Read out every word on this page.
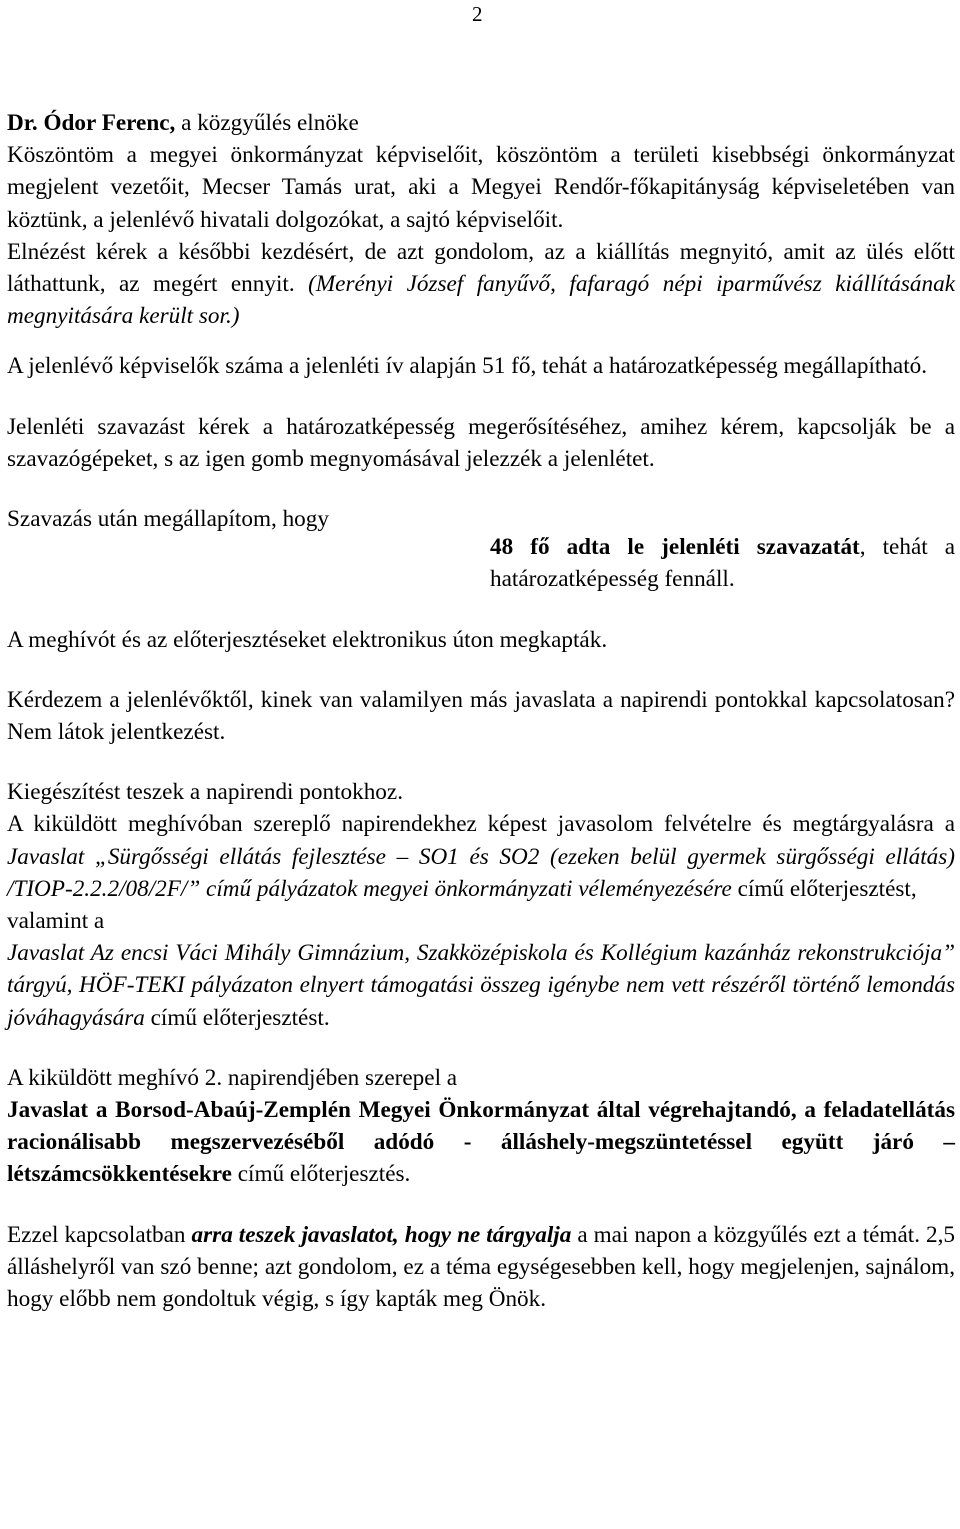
2

Dr. Ódor Ferenc, a közgyűlés elnöke

Köszöntöm a megyei önkormányzat képviselőit, köszöntöm a területi kisebbségi önkormányzat megjelent vezetőit, Mecser Tamás urat, aki a Megyei Rendőr-főkapitányság képviseletében van köztünk, a jelenlévő hivatali dolgozókat, a sajtó képviselőit.

Elnézést kérek a későbbi kezdésért, de azt gondolom, az a kiállítás megnyitó, amit az ülés előtt láthattunk, az megért ennyit. (Merényi József fanyűvő, fafaragó népi iparművész kiállításának megnyitására került sor.)

A jelenlévő képviselők száma a jelenléti ív alapján 51 fő, tehát a határozatképesség megállapítható.

Jelenléti szavazást kérek a határozatképesség megerősítéséhez, amihez kérem, kapcsolják be a szavazógépeket, s az igen gomb megnyomásával jelezzék a jelenlétet.

Szavazás után megállapítom, hogy

48 fő adta le jelenléti szavazatát, tehát a határozatképesség fennáll.

A meghívót és az előterjesztéseket elektronikus úton megkapták.

Kérdezem a jelenlévőktől, kinek van valamilyen más javaslata a napirendi pontokkal kapcsolatosan? Nem látok jelentkezést.

Kiegészítést teszek a napirendi pontokhoz.

A kiküldött meghívóban szereplő napirendekhez képest javasolom felvételre és megtárgyalásra a Javaslat „Sürgősségi ellátás fejlesztése – SO1 és SO2 (ezeken belül gyermek sürgősségi ellátás) /TIOP-2.2.2/08/2F/” című pályázatok megyei önkormányzati véleményezésére című előterjesztést,

valamint a

Javaslat Az encsi Váci Mihály Gimnázium, Szakközépiskola és Kollégium kazánház rekonstrukciója” tárgyú, HÖF-TEKI pályázaton elnyert támogatási összeg igénybe nem vett részéről történő lemondás jóváhagyására című előterjesztést.

A kiküldött meghívó 2. napirendjében szerepel a

Javaslat a Borsod-Abaúj-Zemplén Megyei Önkormányzat által végrehajtandó, a feladatellátás racionálisabb megszervezéséből adódó - álláshely-megszüntetéssel együtt járó – létszámcsökkentésekre című előterjesztés.

Ezzel kapcsolatban arra teszek javaslatot, hogy ne tárgyalja a mai napon a közgyűlés ezt a témát. 2,5 álláshelyről van szó benne; azt gondolom, ez a téma egységesebben kell, hogy megjelenjen, sajnálom, hogy előbb nem gondoltuk végig, s így kapták meg Önök.
